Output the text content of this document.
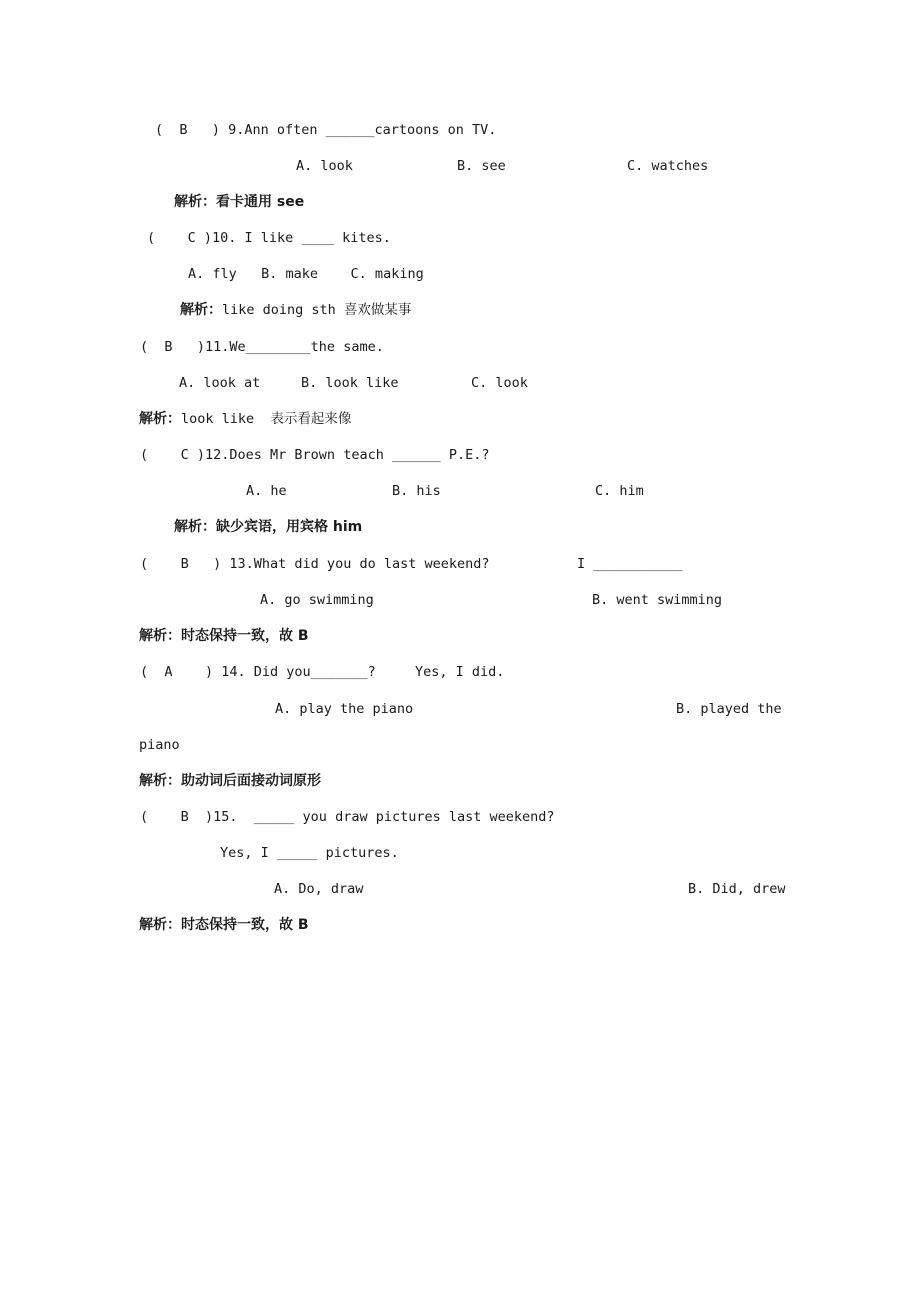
(  B   ) 9.Ann often ______cartoons on TV.
A. look	B. see	C. watches
解析：看卡通用 see
(    C )10. I like ____ kites.
A. fly   B. make    C. making
解析：like doing sth 喜欢做某事
(  B   )11.We________the same.
A. look at	B. look like	C. look
解析：look like  表示看起来像
(    C )12.Does Mr Brown teach ______ P.E.?
A. he	B. his	C. him
解析：缺少宾语，用宾格 him
(    B   ) 13.What did you do last weekend?	I ___________
A. go swimming	B. went swimming
解析：时态保持一致，故 B
(  A    ) 14. Did you_______?	Yes, I did.
A. play the piano	B. played the
piano
解析：助动词后面接动词原形
(    B  )15.  _____ you draw pictures last weekend?
Yes, I _____ pictures.
A. Do, draw	B. Did, drew
解析：时态保持一致，故 B
